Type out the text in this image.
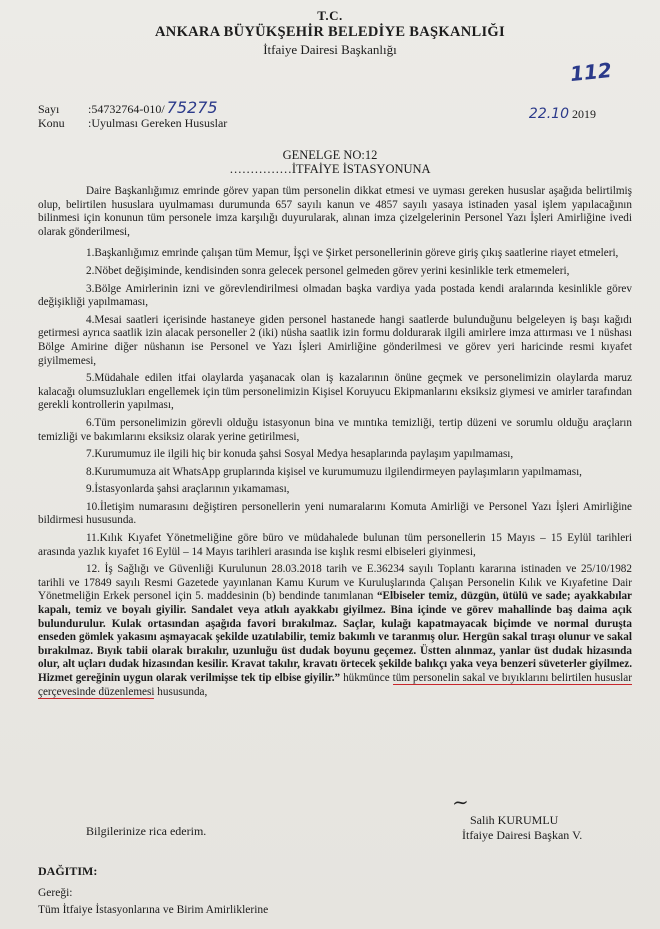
T.C.
ANKARA BÜYÜKŞEHİR BELEDİYE BAŞKANLIĞI
İtfaiye Dairesi Başkanlığı
112
Sayı :54732764-010/ 75275
Konu :Uyulması Gereken Hususlar
22.10 2019
GENELGE NO:12
……………İTFAİYE İSTASYONUNA

Daire Başkanlığımız emrinde görev yapan tüm personelin dikkat etmesi ve uyması gereken hususlar aşağıda belirtilmiş olup, belirtilen hususlara uyulmaması durumunda 657 sayılı kanun ve 4857 sayılı yasaya istinaden yasal işlem yapılacağının bilinmesi için konunun tüm personele imza karşılığı duyurularak, alınan imza çizelgelerinin Personel Yazı İşleri Amirliğine ivedi olarak gönderilmesi,

1.Başkanlığımız emrinde çalışan tüm Memur, İşçi ve Şirket personellerinin göreve giriş çıkış saatlerine riayet etmeleri,

2.Nöbet değişiminde, kendisinden sonra gelecek personel gelmeden görev yerini kesinlikle terk etmemeleri,

3.Bölge Amirlerinin izni ve görevlendirilmesi olmadan başka vardiya yada postada kendi aralarında kesinlikle görev değişikliği yapılmaması,

4.Mesai saatleri içerisinde hastaneye giden personel hastanede hangi saatlerde bulunduğunu belgeleyen iş başı kağıdı getirmesi ayrıca saatlik izin alacak personeller 2 (iki) nüsha saatlik izin formu doldurarak ilgili amirlere imza attırması ve 1 nüshası Bölge Amirine diğer nüshanın ise Personel ve Yazı İşleri Amirliğine gönderilmesi ve görev yeri haricinde resmi kıyafet giyilmemesi,

5.Müdahale edilen itfai olaylarda yaşanacak olan iş kazalarının önüne geçmek ve personelimizin olaylarda maruz kalacağı olumsuzlukları engellemek için tüm personelimizin Kişisel Koruyucu Ekipmanlarını eksiksiz giymesi ve amirler tarafından gerekli kontrollerin yapılması,

6.Tüm personelimizin görevli olduğu istasyonun bina ve mıntıka temizliği, tertip düzeni ve sorumlu olduğu araçların temizliği ve bakımlarını eksiksiz olarak yerine getirilmesi,

7.Kurumumuz ile ilgili hiç bir konuda şahsi Sosyal Medya hesaplarında paylaşım yapılmaması,

8.Kurumumuza ait WhatsApp gruplarında kişisel ve kurumumuzu ilgilendirmeyen paylaşımların yapılmaması,

9.İstasyonlarda şahsi araçlarının yıkamaması,

10.İletişim numarasını değiştiren personellerin yeni numaralarını Komuta Amirliği ve Personel Yazı İşleri Amirliğine bildirmesi hususunda.

11.Kılık Kıyafet Yönetmeliğine göre büro ve müdahalede bulunan tüm personellerin 15 Mayıs – 15 Eylül tarihleri arasında yazlık kıyafet 16 Eylül – 14 Mayıs tarihleri arasında ise kışlık resmi elbiseleri giyinmesi,

12. İş Sağlığı ve Güvenliği Kurulunun 28.03.2018 tarih ve E.36234 sayılı Toplantı kararına istinaden ve 25/10/1982 tarihli ve 17849 sayılı Resmi Gazetede yayınlanan Kamu Kurum ve Kuruluşlarında Çalışan Personelin Kılık ve Kıyafetine Dair Yönetmeliğin Erkek personel için 5. maddesinin (b) bendinde tanımlanan “Elbiseler temiz, düzgün, ütülü ve sade; ayakkabılar kapalı, temiz ve boyalı giyilir. Sandalet veya atkılı ayakkabı giyilmez. Bina içinde ve görev mahallinde baş daima açık bulundurulur. Kulak ortasından aşağıda favori bırakılmaz. Saçlar, kulağı kapatmayacak biçimde ve normal duruşta enseden gömlek yakasını aşmayacak şekilde uzatılabilir, temiz bakımlı ve taranmış olur. Hergün sakal tıraşı olunur ve sakal bırakılmaz. Bıyık tabii olarak bırakılır, uzunluğu üst dudak boyunu geçemez. Üstten alınmaz, yanlar üst dudak hizasında olur, alt uçları dudak hizasından kesilir. Kravat takılır, kravatı örtecek şekilde balıkçı yaka veya benzeri süveterler giyilmez. Hizmet gereğinin uygun olarak verilmişse tek tip elbise giyilir.” hükmünce tüm personelin sakal ve bıyıklarını belirtilen hususlar çerçevesinde düzenlemesi hususunda,

Bilgilerinize rica ederim.
~
Salih KURUMLU
İtfaiye Dairesi Başkan V.
DAĞITIM:
Gereği:
Tüm İtfaiye İstasyonlarına ve Birim Amirliklerine
